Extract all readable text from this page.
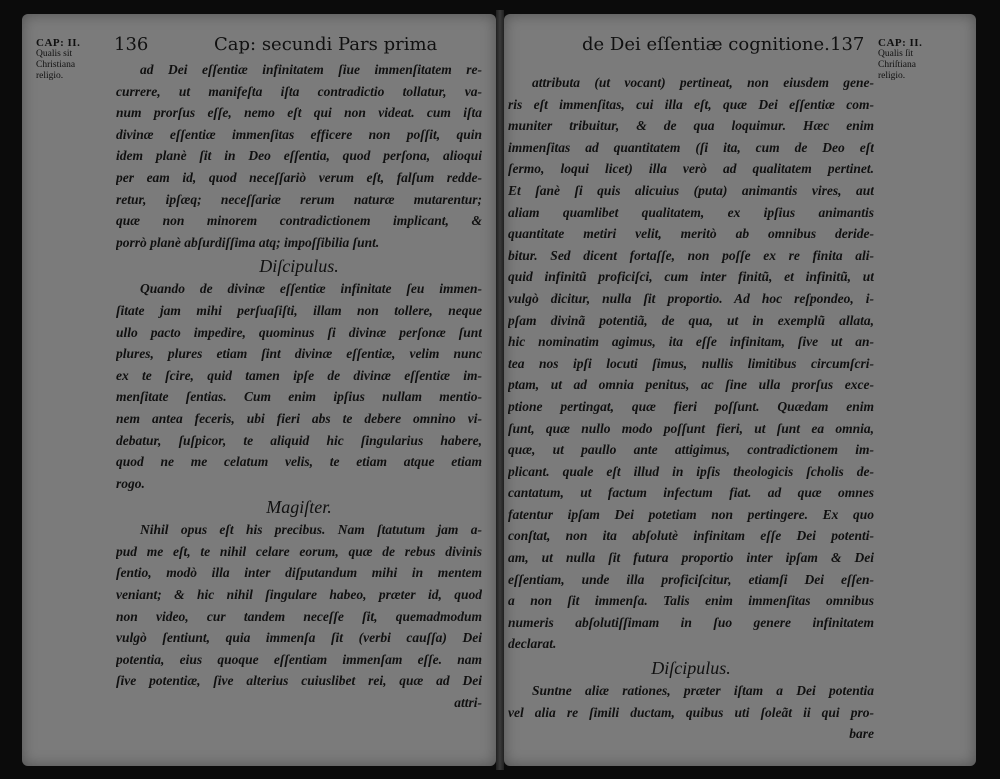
CAP: II.
Qualis sit
Christiana
religio.
136	Cap: secundi Pars prima
ad Dei eſſentiæ infinitatem ſiue immenſitatem re-
currere, ut manifeſta iſta contradictio tollatur, va-
num prorſus eſſe, nemo eſt qui non videat. cum iſta
divinæ eſſentiæ immenſitas efficere non poſſit, quin
idem planè ſit in Deo eſſentia, quod perſona, alioqui
per eam id, quod neceſſariò verum eſt, falſum redde-
retur, ipſæq; neceſſariæ rerum naturæ mutarentur;
quæ non minorem contradictionem implicant, &
porrò planè abſurdiſſima atq; impoſſibilia ſunt.
Diſcipulus.
Quando de divinæ eſſentiæ infinitate ſeu immen-
ſitate jam mihi perſuaſiſti, illam non tollere, neque
ullo pacto impedire, quominus ſi divinæ perſonæ ſunt
plures, plures etiam ſint divinæ eſſentiæ, velim nunc
ex te ſcire, quid tamen ipſe de divinæ eſſentiæ im-
menſitate ſentias. Cum enim ipſius nullam mentio-
nem antea feceris, ubi fieri abs te debere omnino vi-
debatur, ſuſpicor, te aliquid hic ſingularius habere,
quod ne me celatum velis, te etiam atque etiam
rogo.
Magiſter.
Nihil opus eſt his precibus. Nam ſtatutum jam a-
pud me eſt, te nihil celare eorum, quæ de rebus divinis
ſentio, modò illa inter diſputandum mihi in mentem
veniant; & hic nihil ſingulare habeo, præter id, quod
non video, cur tandem neceſſe ſit, quemadmodum
vulgò ſentiunt, quia immenſa ſit (verbi cauſſa) Dei
potentia, eius quoque eſſentiam immenſam eſſe. nam
ſive potentiæ, ſive alterius cuiuslibet rei, quæ ad Dei
attri-
de Dei eſſentiæ cognitione. 137 CAP: II.
Qualis ſit
Chriſtiana
religio.
attributa (ut vocant) pertineat, non eiusdem gene-
ris eſt immenſitas, cui illa eſt, quæ Dei eſſentiæ com-
muniter tribuitur, & de qua loquimur. Hæc enim
immenſitas ad quantitatem (ſi ita, cum de Deo eſt
ſermo, loqui licet) illa verò ad qualitatem pertinet.
Et ſanè ſi quis alicuius (puta) animantis vires, aut
aliam quamlibet qualitatem, ex ipſius animantis
quantitate metiri velit, meritò ab omnibus deride-
bitur. Sed dicent fortaſſe, non poſſe ex re finita ali-
quid infinitũ proficiſci, cum inter finitũ, et infinitũ, ut
vulgò dicitur, nulla ſit proportio. Ad hoc reſpondeo, i-
pſam divinã potentiã, de qua, ut in exemplũ allata,
hic nominatim agimus, ita eſſe infinitam, ſive ut an-
tea nos ipſi locuti ſimus, nullis limitibus circumſcri-
ptam, ut ad omnia penitus, ac ſine ulla prorſus exce-
ptione pertingat, quæ fieri poſſunt. Quædam enim
ſunt, quæ nullo modo poſſunt fieri, ut ſunt ea omnia,
quæ, ut paullo ante attigimus, contradictionem im-
plicant. quale eſt illud in ipſis theologicis ſcholis de-
cantatum, ut factum infectum fiat. ad quæ omnes
fatentur ipſam Dei potetiam non pertingere. Ex quo
conſtat, non ita abſolutè infinitam eſſe Dei potenti-
am, ut nulla ſit futura proportio inter ipſam & Dei
eſſentiam, unde illa proficiſcitur, etiamſi Dei eſſen-
a non ſit immenſa. Talis enim immenſitas omnibus
numeris abſolutiſſimam in ſuo genere infinitatem
declarat.
Diſcipulus.
Suntne aliæ rationes, præter iſtam a Dei potentia
vel alia re ſimili ductam, quibus uti ſoleãt ii qui pro-
bare
